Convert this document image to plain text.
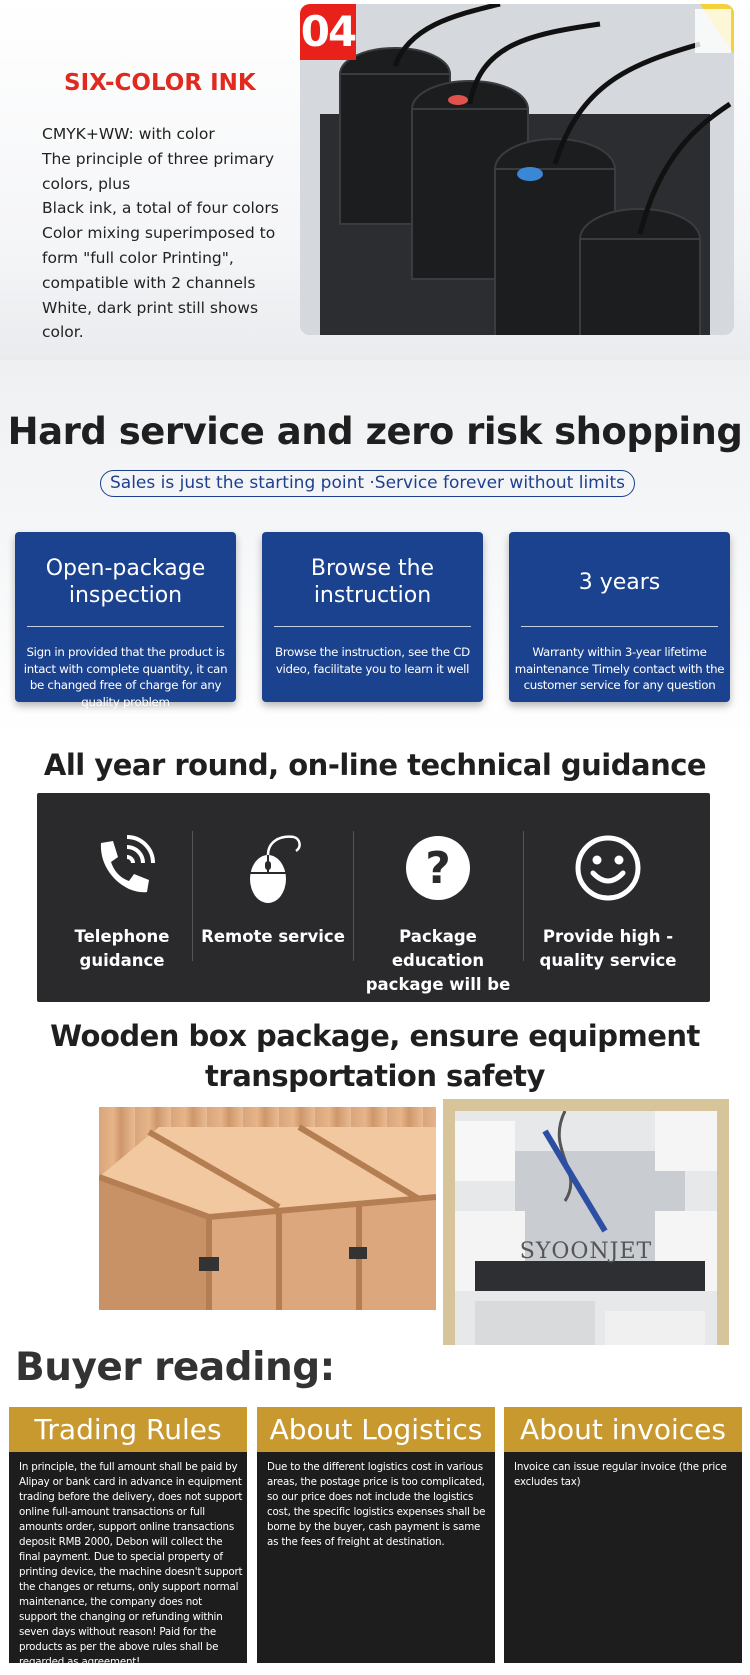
SIX-COLOR INK
CMYK+WW: with color
The principle of three primary colors, plus
Black ink, a total of four colors
Color mixing superimposed to form "full color Printing",
compatible with 2 channels
White, dark print still shows color.
04
Hard service and zero risk shopping
Sales is just the starting point ·Service forever without limits
Open-package inspection
Sign in provided that the product is intact with complete quantity, it can be changed free of charge for any quality problem
Browse the instruction
Browse the instruction, see the CD video, facilitate you to learn it well
3 years
Warranty within 3-year lifetime maintenance Timely contact with the customer service for any question
All year round, on-line technical guidance
Telephone guidance
Remote service
?
Package education package will be
Provide high -quality service
Wooden box package, ensure equipment
transportation safety
SYOONJET
Buyer reading:
Trading Rules
In principle, the full amount shall be paid by Alipay or bank card in advance in equipment trading before the delivery, does not support online full-amount transactions or full amounts order, support online transactions deposit RMB 2000, Debon will collect the final payment. Due to special property of printing device, the machine doesn't support the changes or returns, only support normal maintenance, the company does not support the changing or refunding within seven days without reason! Paid for the products as per the above rules shall be regarded as agreement!
About Logistics
Due to the different logistics cost in various areas, the postage price is too complicated, so our price does not include the logistics cost, the specific logistics expenses shall be borne by the buyer, cash payment is same as the fees of freight at destination.
About invoices
Invoice can issue regular invoice (the price excludes tax)
